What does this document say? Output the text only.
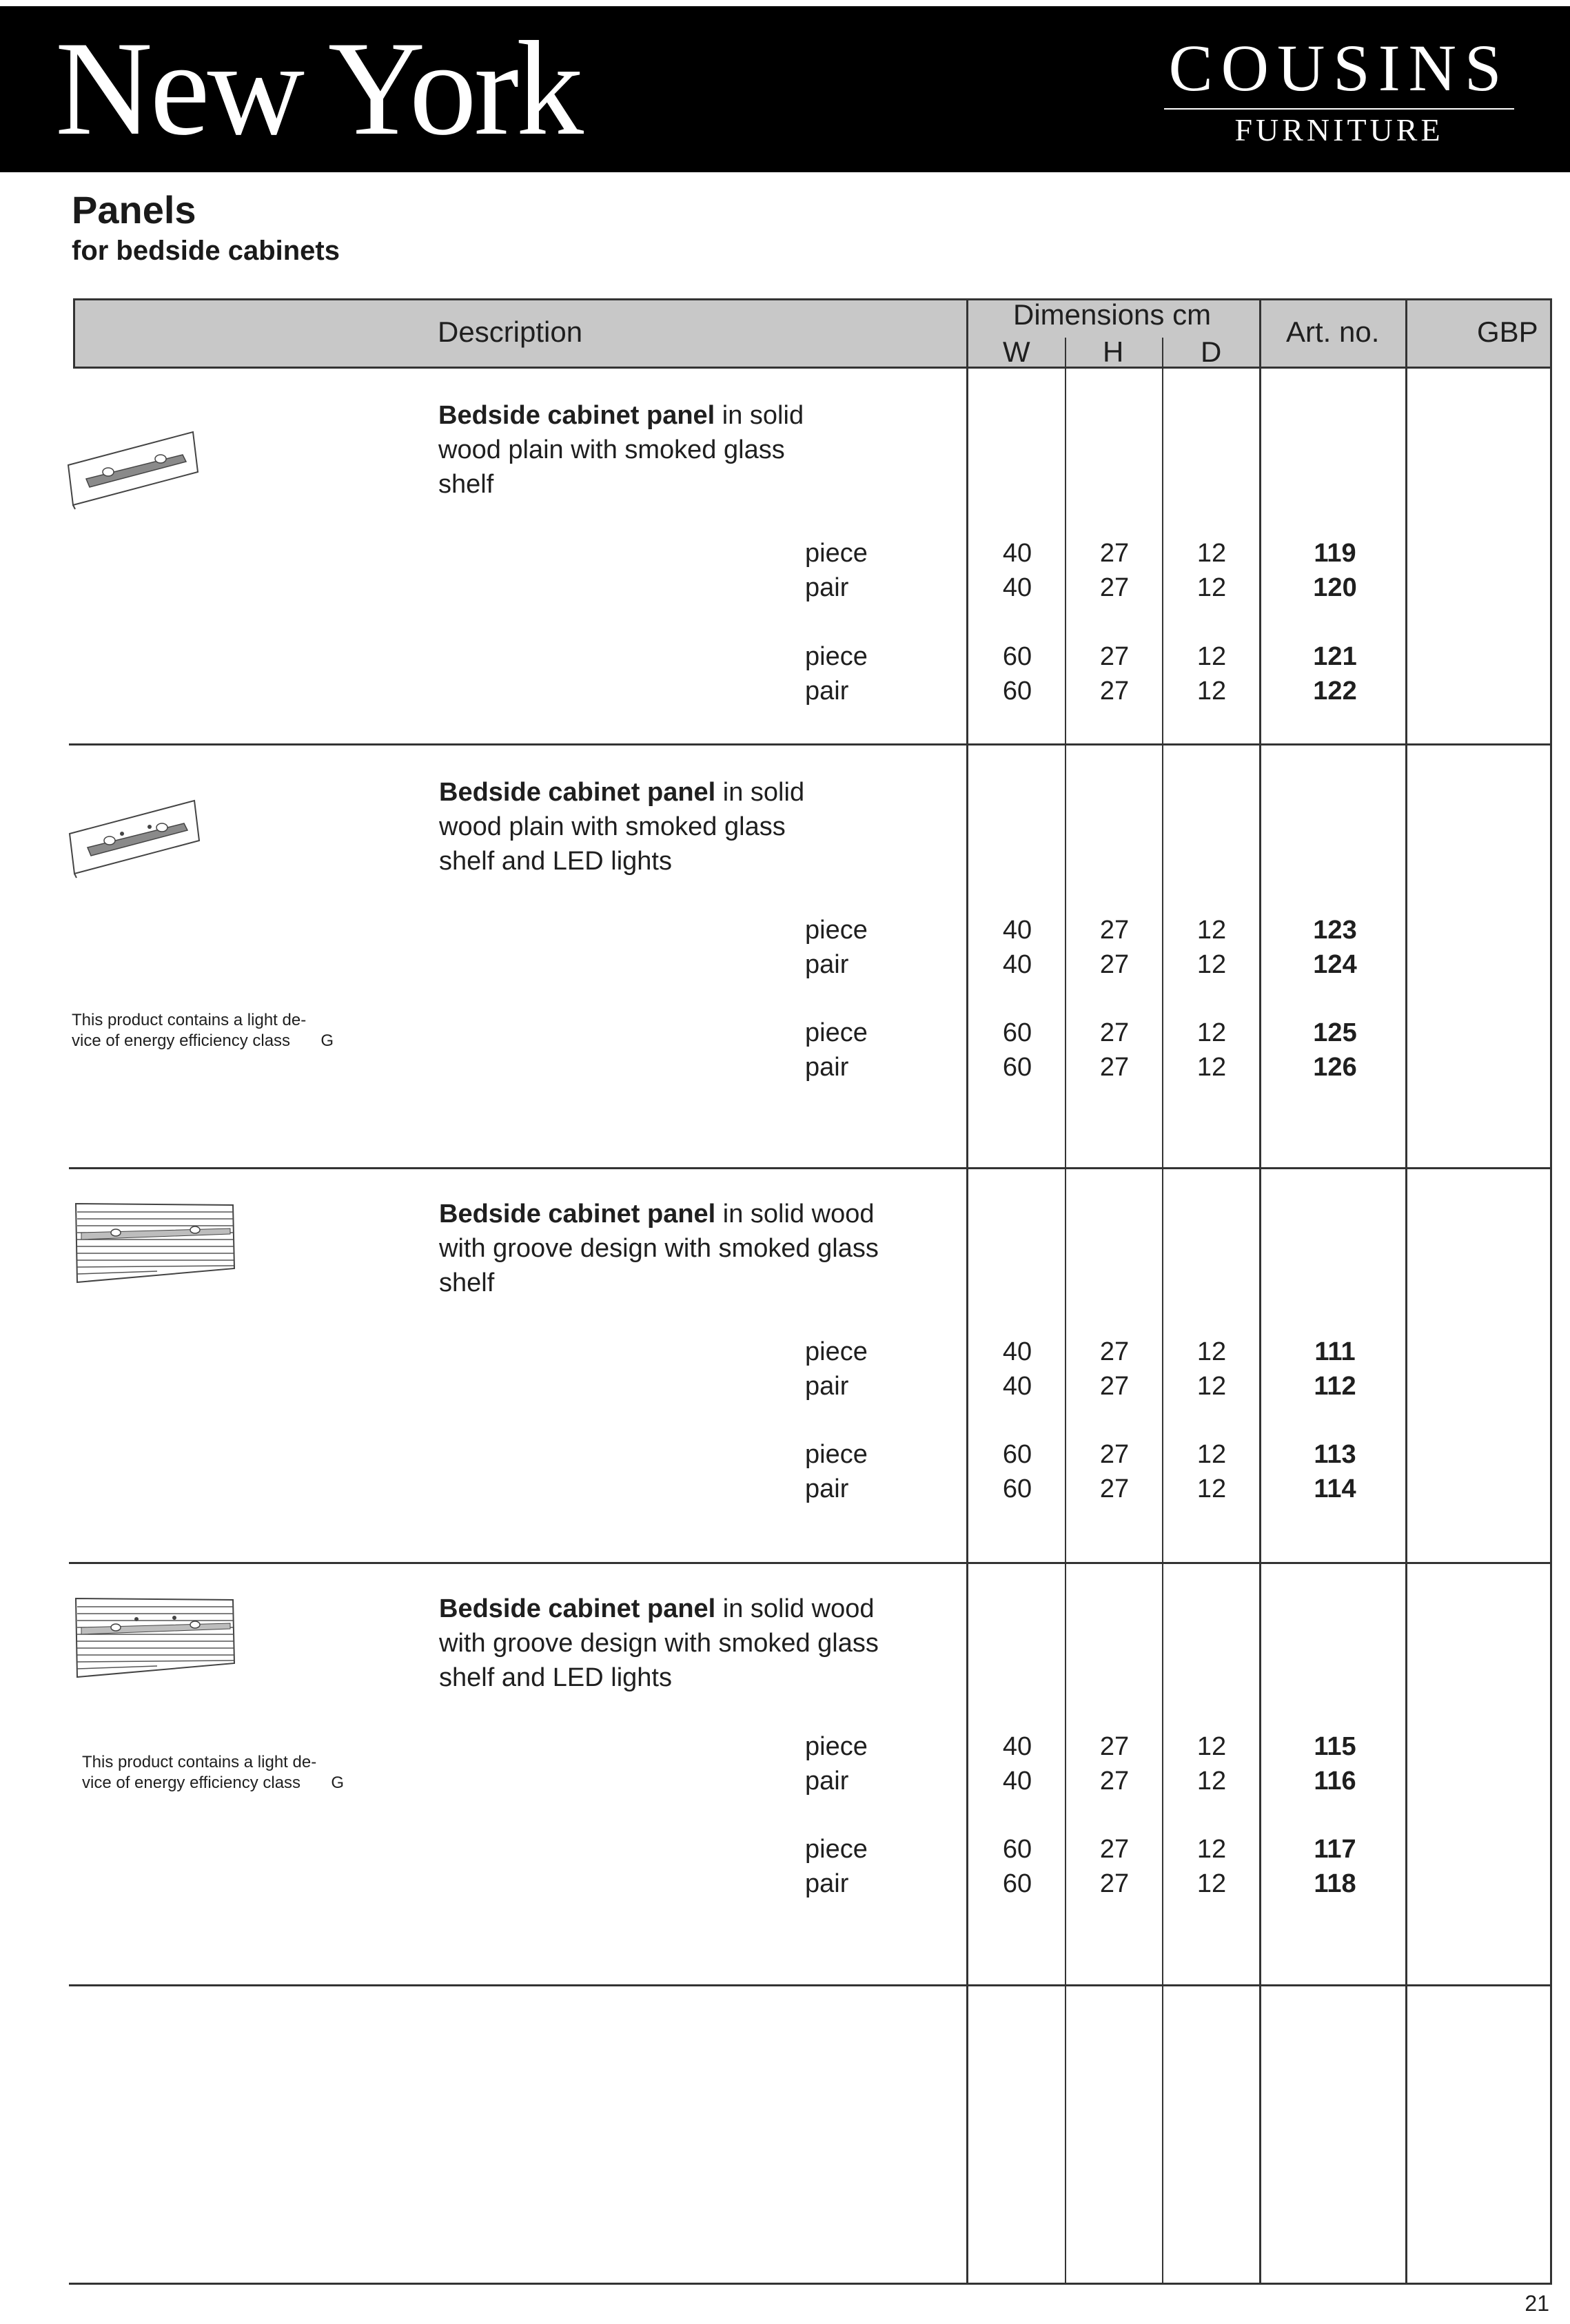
New York	COUSINS
FURNITURE
Panels
for bedside cabinets
Description
Dimensions cm
W	H	D
Art. no.	GBP
Bedside cabinet panel in solid
wood plain with smoked glass
shelf
piece	40	27	12	119
pair	40	27	12	120
piece	60	27	12	121
pair	60	27	12	122
Bedside cabinet panel in solid
wood plain with smoked glass
shelf and LED lights
This product contains a light de- vice of energy efficiency class G
piece	40	27	12	123
pair	40	27	12	124
piece	60	27	12	125
pair	60	27	12	126
Bedside cabinet panel in solid wood
with groove design with smoked glass
shelf
piece	40	27	12	111
pair	40	27	12	112
piece	60	27	12	113
pair	60	27	12	114
Bedside cabinet panel in solid wood
with groove design with smoked glass
shelf and LED lights
This product contains a light de- vice of energy efficiency class G
piece	40	27	12	115
pair	40	27	12	116
piece	60	27	12	117
pair	60	27	12	118
21
